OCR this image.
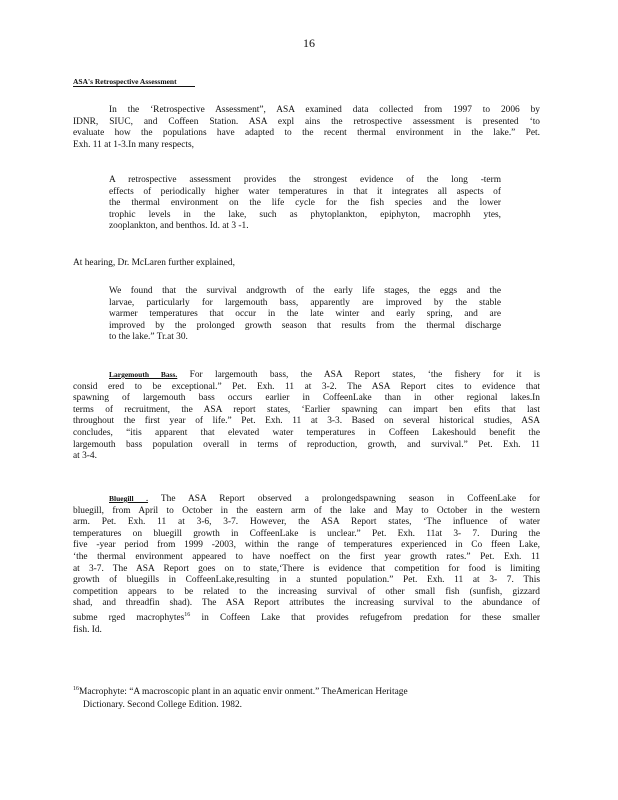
16
ASA's Retrospective Assessment
In the ‘Retrospective Assessment”, ASA examined data collected from 1997 to 2006 by
IDNR, SIUC, and Coffeen Station. ASA expl ains the retrospective assessment is presented ‘to
evaluate how the populations have adapted to the recent thermal environment in the lake.” Pet.
Exh. 11 at 1-3.In many respects,
A retrospective assessment provides the strongest evidence of the long -term
effects of periodically higher water temperatures in that it integrates all aspects of
the thermal environment on the life cycle for the fish species and the lower
trophic levels in the lake, such as phytoplankton, epiphyton, macrophh ytes,
zooplankton, and benthos. Id. at 3 -1.
At hearing, Dr. McLaren further explained,
We found that the survival andgrowth of the early life stages, the eggs and the
larvae, particularly for largemouth bass, apparently are improved by the stable
warmer temperatures that occur in the late winter and early spring, and are
improved by the prolonged growth season that results from the thermal discharge
to the lake.” Tr.at 30.
Largemouth Bass. For largemouth bass, the ASA Report states, ‘the fishery for it is
consid ered to be exceptional.” Pet. Exh. 11 at 3-2. The ASA Report cites to evidence that
spawning of largemouth bass occurs earlier in CoffeenLake than in other regional lakes.In
terms of recruitment, the ASA report states, ‘Earlier spawning can impart ben efits that last
throughout the first year of life.” Pet. Exh. 11 at 3-3. Based on several historical studies, ASA
concludes, “itis apparent that elevated water temperatures in Coffeen Lakeshould benefit the
largemouth bass population overall in terms of reproduction, growth, and survival.” Pet. Exh. 11
at 3-4.
Bluegill . The ASA Report observed a prolongedspawning season in CoffeenLake for
bluegill, from April to October in the eastern arm of the lake and May to October in the western
arm. Pet. Exh. 11 at 3-6, 3-7. However, the ASA Report states, ‘The influence of water
temperatures on bluegill growth in CoffeenLake is unclear.” Pet. Exh. 11at 3- 7. During the
five -year period from 1999 -2003, within the range of temperatures experienced in Co ffeen Lake,
‘the thermal environment appeared to have noeffect on the first year growth rates.” Pet. Exh. 11
at 3-7. The ASA Report goes on to state,‘There is evidence that competition for food is limiting
growth of bluegills in CoffeenLake,resulting in a stunted population.” Pet. Exh. 11 at 3- 7. This
competition appears to be related to the increasing survival of other small fish (sunfish, gizzard
shad, and threadfin shad). The ASA Report attributes the increasing survival to the abundance of
subme rged macrophytes$^{16}$ in Coffeen Lake that provides refugefrom predation for these smaller
fish. Id.
$^{16}$Macrophyte: “A macroscopic plant in an aquatic envir onment.” TheAmerican Heritage
Dictionary. Second College Edition. 1982.
